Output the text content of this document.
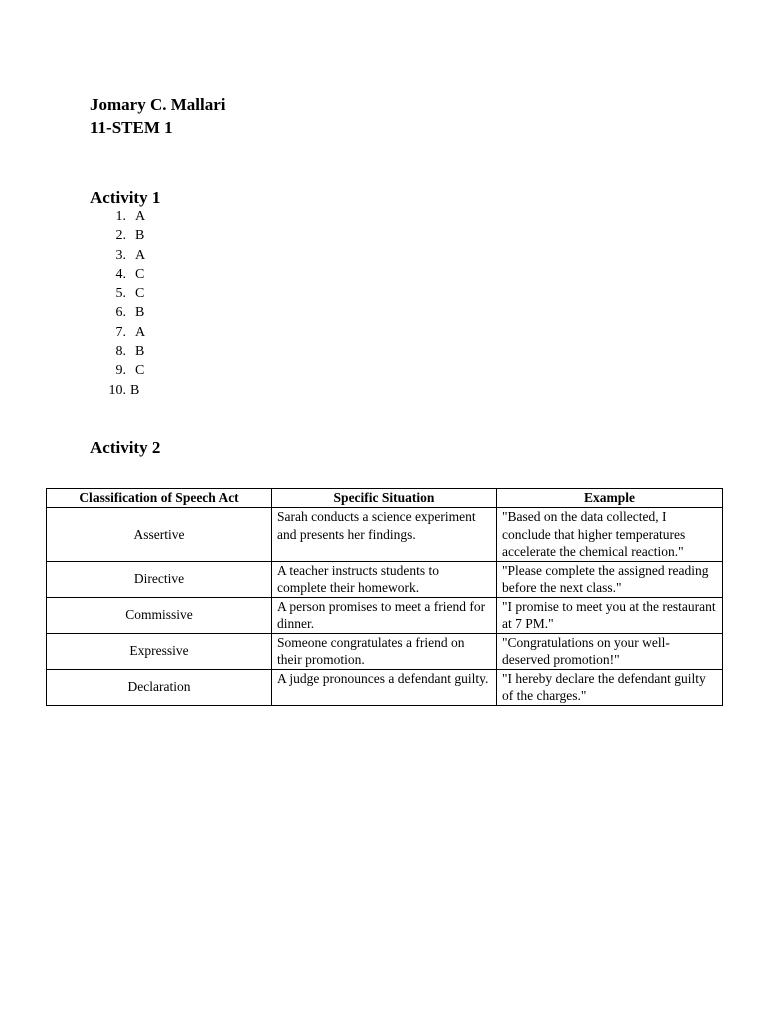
Jomary C. Mallari
11-STEM 1
Activity 1
1. A
2. B
3. A
4. C
5. C
6. B
7. A
8. B
9. C
10. B
Activity 2
Classification of Speech Act	Specific Situation	Example
Assertive	Sarah conducts a science experiment and presents her findings.	"Based on the data collected, I conclude that higher temperatures accelerate the chemical reaction."
Directive	A teacher instructs students to complete their homework.	"Please complete the assigned reading before the next class."
Commissive	A person promises to meet a friend for dinner.	"I promise to meet you at the restaurant at 7 PM."
Expressive	Someone congratulates a friend on their promotion.	"Congratulations on your well-deserved promotion!"
Declaration	A judge pronounces a defendant guilty.	"I hereby declare the defendant guilty of the charges."
